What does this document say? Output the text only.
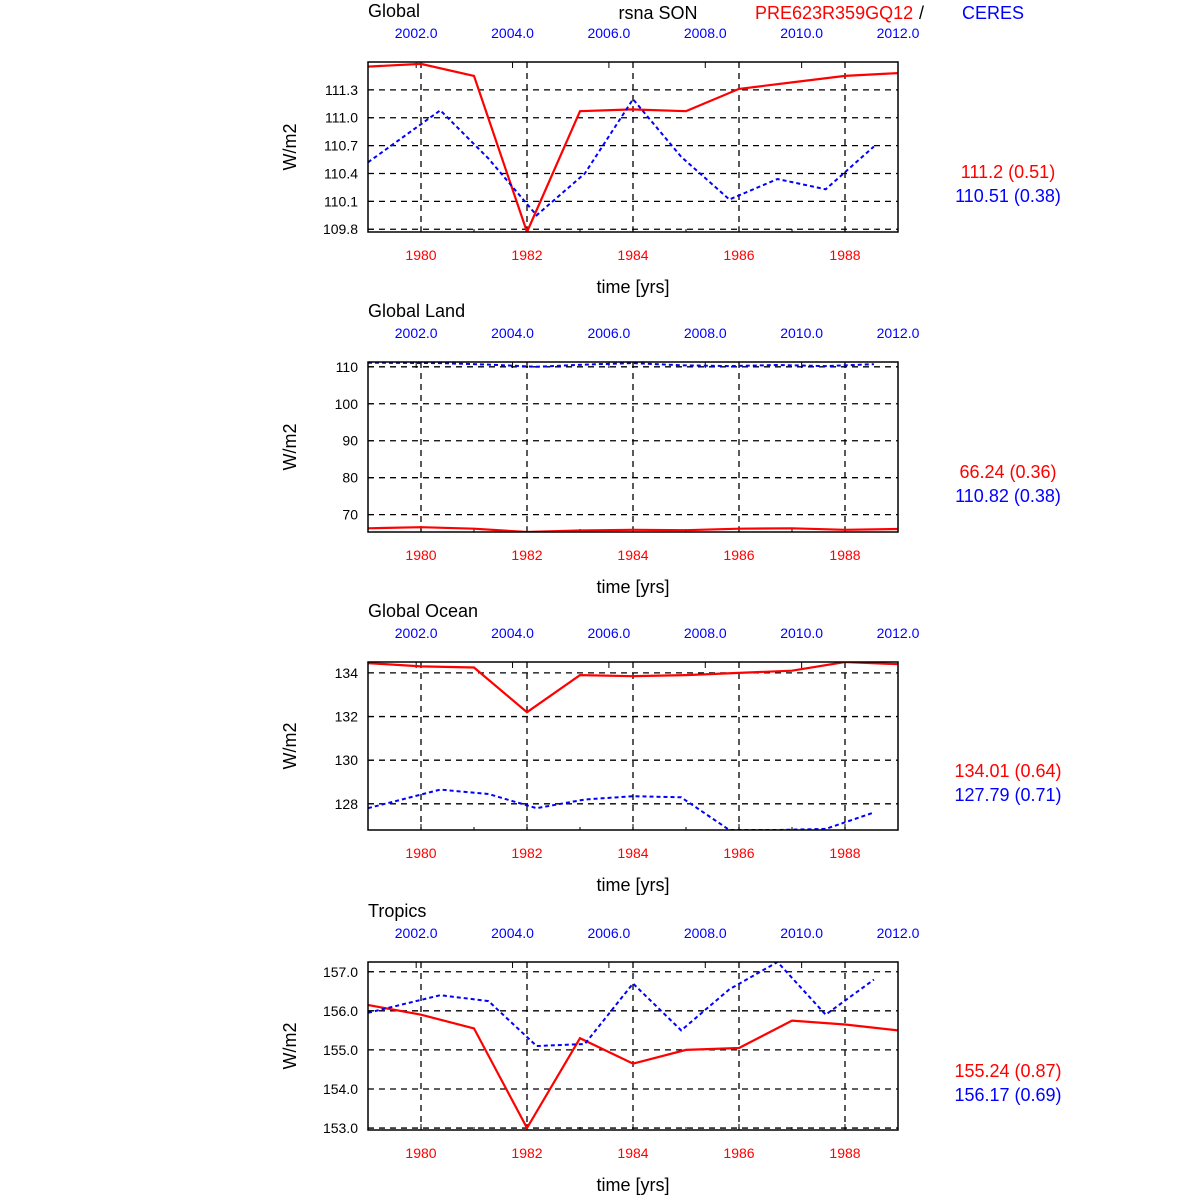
rsna SON	PRE623R359GQ12 / CERES
Global
2002.0	2004.0	2006.0	2008.0	2010.0	2012.0
1980	1982	1984	1986	1988
109.8
110.1
110.4
110.7
111.0
111.3
W/m2
time [yrs]
111.2 (0.51)
110.51 (0.38)
Global Land
2002.0	2004.0	2006.0	2008.0	2010.0	2012.0
1980	1982	1984	1986	1988
70
80
90
100
110
W/m2
time [yrs]
66.24 (0.36)
110.82 (0.38)
Global Ocean
2002.0	2004.0	2006.0	2008.0	2010.0	2012.0
1980	1982	1984	1986	1988
128
130
132
134
W/m2
time [yrs]
134.01 (0.64)
127.79 (0.71)
Tropics
2002.0	2004.0	2006.0	2008.0	2010.0	2012.0
1980	1982	1984	1986	1988
153.0
154.0
155.0
156.0
157.0
W/m2
time [yrs]
155.24 (0.87)
156.17 (0.69)
